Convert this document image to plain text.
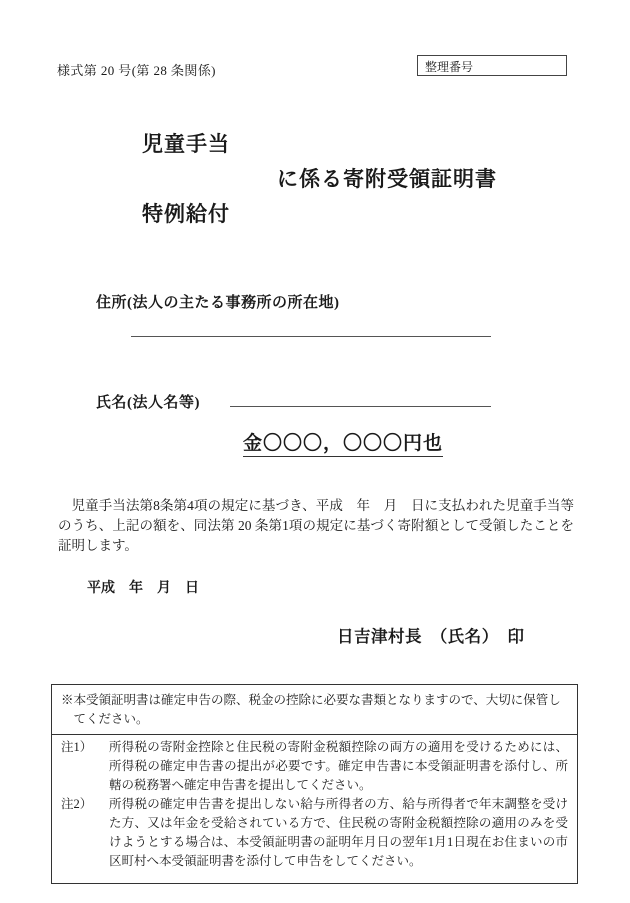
様式第 20 号(第 28 条関係)	整理番号
児童手当
に係る寄附受領証明書
特例給付
住所(法人の主たる事務所の所在地)
氏名(法人名等)
金〇〇〇，〇〇〇円也
児童手当法第8条第4項の規定に基づき、平成　年　月　日に支払われた児童手当等のうち、上記の額を、同法第 20 条第1項の規定に基づく寄附額として受領したことを証明します。
平成　年　月　日
日吉津村長　（氏名）　印
※本受領証明書は確定申告の際、税金の控除に必要な書類となりますので、大切に保管してください。
注1）	所得税の寄附金控除と住民税の寄附金税額控除の両方の適用を受けるためには、所得税の確定申告書の提出が必要です。確定申告書に本受領証明書を添付し、所轄の税務署へ確定申告書を提出してください。
注2）	所得税の確定申告書を提出しない給与所得者の方、給与所得者で年末調整を受けた方、又は年金を受給されている方で、住民税の寄附金税額控除の適用のみを受けようとする場合は、本受領証明書の証明年月日の翌年1月1日現在お住まいの市区町村へ本受領証明書を添付して申告をしてください。
